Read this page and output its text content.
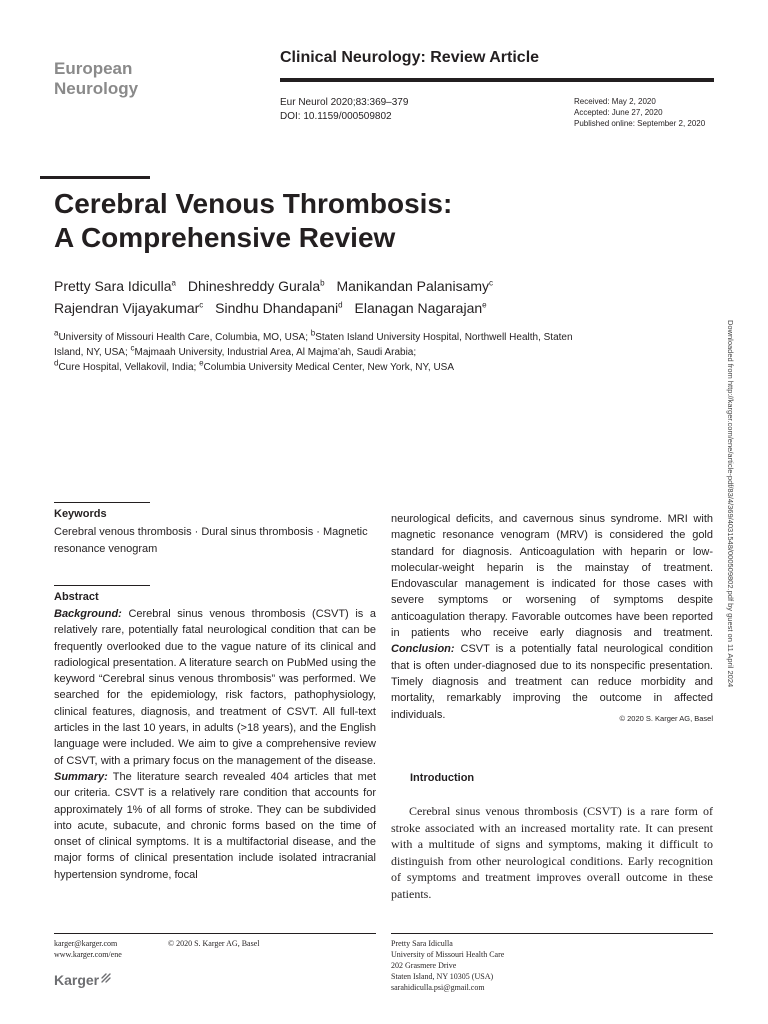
European
Neurology
Clinical Neurology: Review Article
Eur Neurol 2020;83:369–379
DOI: 10.1159/000509802
Received: May 2, 2020
Accepted: June 27, 2020
Published online: September 2, 2020
Cerebral Venous Thrombosis:
A Comprehensive Review
Pretty Sara Idiculla$^a$ Dhineshreddy Gurala$^b$ Manikandan Palanisamy$^c$
Rajendran Vijayakumar$^c$ Sindhu Dhandapani$^d$ Elanagan Nagarajan$^e$
$^a$University of Missouri Health Care, Columbia, MO, USA; $^b$Staten Island University Hospital, Northwell Health, Staten Island, NY, USA; $^c$Majmaah University, Industrial Area, Al Majma’ah, Saudi Arabia;
$^d$Cure Hospital, Vellakovil, India; $^e$Columbia University Medical Center, New York, NY, USA	Downloaded from http://karger.com/ene/article-pdf/83/4/369/4031548/000509802.pdf by guest on 11 April 2024
Keywords
Cerebral venous thrombosis · Dural sinus thrombosis · Magnetic resonance venogram
Abstract
Background: Cerebral sinus venous thrombosis (CSVT) is a relatively rare, potentially fatal neurological condition that can be frequently overlooked due to the vague nature of its clinical and radiological presentation. A literature search on PubMed using the keyword “Cerebral sinus venous thrombosis” was performed. We searched for the epidemiology, risk factors, pathophysiology, clinical features, diagnosis, and treatment of CSVT. All full-text articles in the last 10 years, in adults (>18 years), and the English language were included. We aim to give a comprehensive review of CSVT, with a primary focus on the management of the disease. Summary: The literature search revealed 404 articles that met our criteria. CSVT is a relatively rare condition that accounts for approximately 1% of all forms of stroke. They can be subdivided into acute, subacute, and chronic forms based on the time of onset of clinical symptoms. It is a multifactorial disease, and the major forms of clinical presentation include isolated intracranial hypertension syndrome, focal
neurological deficits, and cavernous sinus syndrome. MRI with magnetic resonance venogram (MRV) is considered the gold standard for diagnosis. Anticoagulation with heparin or low-molecular-weight heparin is the mainstay of treatment. Endovascular management is indicated for those cases with severe symptoms or worsening of symptoms despite anticoagulation therapy. Favorable outcomes have been reported in patients who receive early diagnosis and treatment. Conclusion: CSVT is a potentially fatal neurological condition that is often under-diagnosed due to its nonspecific presentation. Timely diagnosis and treatment can reduce morbidity and mortality, remarkably improving the outcome in affected individuals.	© 2020 S. Karger AG, Basel
Introduction
Cerebral sinus venous thrombosis (CSVT) is a rare form of stroke associated with an increased mortality rate. It can present with a multitude of signs and symptoms, making it difficult to distinguish from other neurological conditions. Early recognition of symptoms and treatment improves overall outcome in these patients.
karger@karger.com
www.karger.com/ene
© 2020 S. Karger AG, Basel
Karger
Pretty Sara Idiculla
University of Missouri Health Care
202 Grasmere Drive
Staten Island, NY 10305 (USA)
sarahidiculla.psi@gmail.com
